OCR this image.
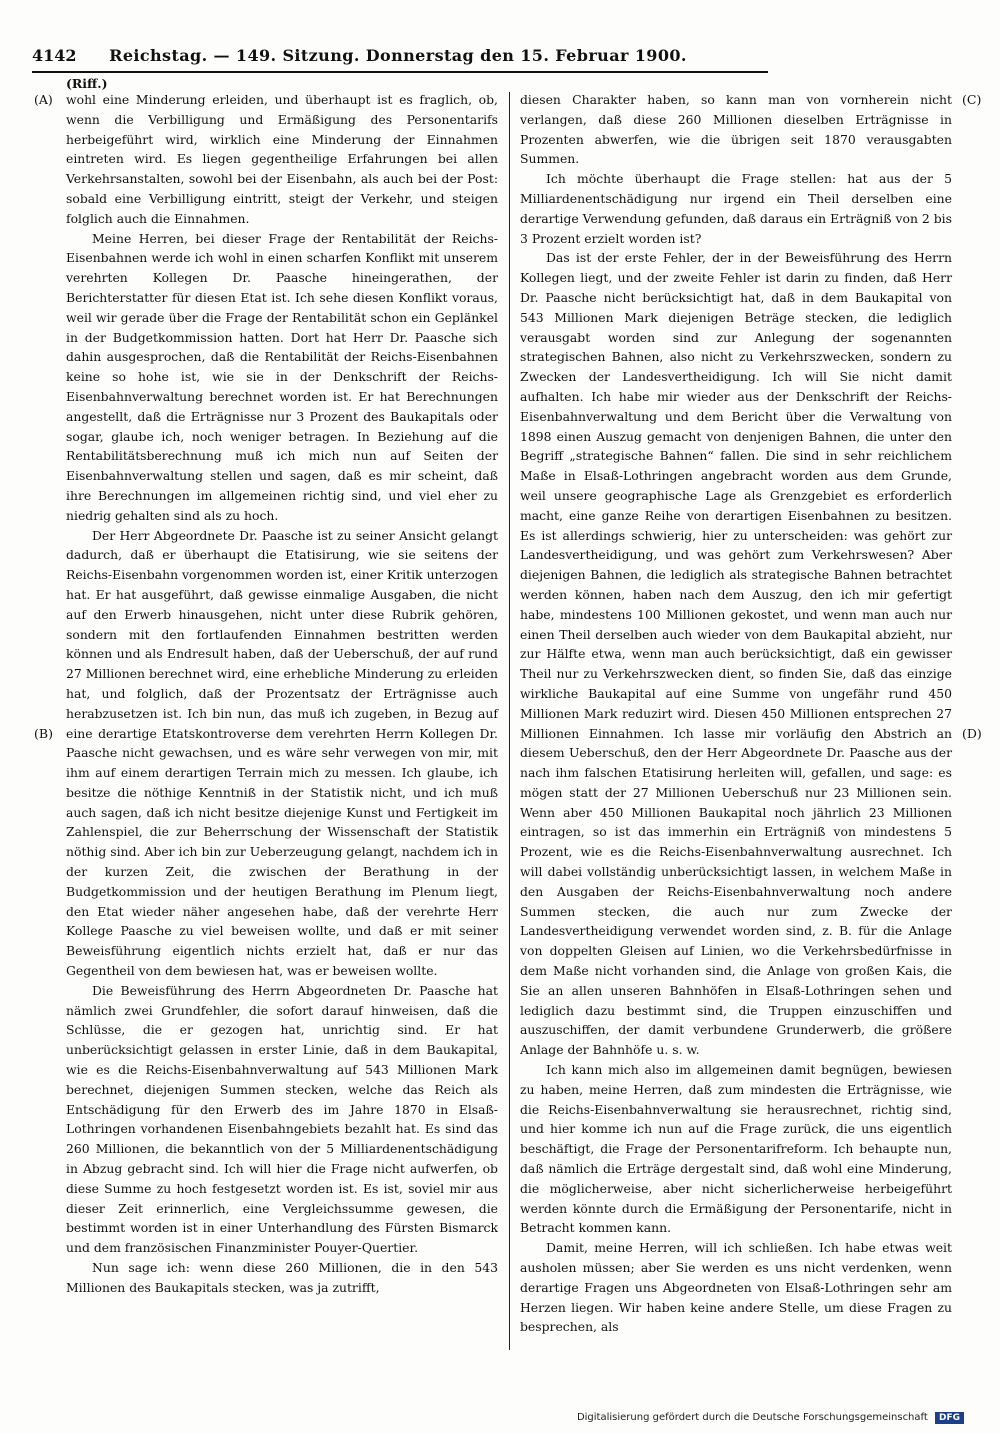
4142	Reichstag. — 149. Sitzung. Donnerstag den 15. Februar 1900.
(Riff.)
(A)
(B)
(C)
(D)

wohl eine Minderung erleiden, und überhaupt ist es fraglich, ob, wenn die Verbilligung und Ermäßigung des Personentarifs herbeigeführt wird, wirklich eine Minderung der Einnahmen eintreten wird. Es liegen gegentheilige Erfahrungen bei allen Verkehrsanstalten, sowohl bei der Eisenbahn, als auch bei der Post: sobald eine Verbilligung eintritt, steigt der Verkehr, und steigen folglich auch die Einnahmen.

Meine Herren, bei dieser Frage der Rentabilität der Reichs-Eisenbahnen werde ich wohl in einen scharfen Konflikt mit unserem verehrten Kollegen Dr. Paasche hineingerathen, der Berichterstatter für diesen Etat ist. Ich sehe diesen Konflikt voraus, weil wir gerade über die Frage der Rentabilität schon ein Geplänkel in der Budgetkommission hatten. Dort hat Herr Dr. Paasche sich dahin ausgesprochen, daß die Rentabilität der Reichs-Eisenbahnen keine so hohe ist, wie sie in der Denkschrift der Reichs-Eisenbahnverwaltung berechnet worden ist. Er hat Berechnungen angestellt, daß die Erträgnisse nur 3 Prozent des Baukapitals oder sogar, glaube ich, noch weniger betragen. In Beziehung auf die Rentabilitätsberechnung muß ich mich nun auf Seiten der Eisenbahnverwaltung stellen und sagen, daß es mir scheint, daß ihre Berechnungen im allgemeinen richtig sind, und viel eher zu niedrig gehalten sind als zu hoch.

Der Herr Abgeordnete Dr. Paasche ist zu seiner Ansicht gelangt dadurch, daß er überhaupt die Etatisirung, wie sie seitens der Reichs-Eisenbahn vorgenommen worden ist, einer Kritik unterzogen hat. Er hat ausgeführt, daß gewisse einmalige Ausgaben, die nicht auf den Erwerb hinausgehen, nicht unter diese Rubrik gehören, sondern mit den fortlaufenden Einnahmen bestritten werden können und als Endresult haben, daß der Ueberschuß, der auf rund 27 Millionen berechnet wird, eine erhebliche Minderung zu erleiden hat, und folglich, daß der Prozentsatz der Erträgnisse auch herabzusetzen ist. Ich bin nun, das muß ich zugeben, in Bezug auf eine derartige Etatskontroverse dem verehrten Herrn Kollegen Dr. Paasche nicht gewachsen, und es wäre sehr verwegen von mir, mit ihm auf einem derartigen Terrain mich zu messen. Ich glaube, ich besitze die nöthige Kenntniß in der Statistik nicht, und ich muß auch sagen, daß ich nicht besitze diejenige Kunst und Fertigkeit im Zahlenspiel, die zur Beherrschung der Wissenschaft der Statistik nöthig sind. Aber ich bin zur Ueberzeugung gelangt, nachdem ich in der kurzen Zeit, die zwischen der Berathung in der Budgetkommission und der heutigen Berathung im Plenum liegt, den Etat wieder näher angesehen habe, daß der verehrte Herr Kollege Paasche zu viel beweisen wollte, und daß er mit seiner Beweisführung eigentlich nichts erzielt hat, daß er nur das Gegentheil von dem bewiesen hat, was er beweisen wollte.

Die Beweisführung des Herrn Abgeordneten Dr. Paasche hat nämlich zwei Grundfehler, die sofort darauf hinweisen, daß die Schlüsse, die er gezogen hat, unrichtig sind. Er hat unberücksichtigt gelassen in erster Linie, daß in dem Baukapital, wie es die Reichs-Eisenbahnverwaltung auf 543 Millionen Mark berechnet, diejenigen Summen stecken, welche das Reich als Entschädigung für den Erwerb des im Jahre 1870 in Elsaß-Lothringen vorhandenen Eisenbahngebiets bezahlt hat. Es sind das 260 Millionen, die bekanntlich von der 5 Milliardenentschädigung in Abzug gebracht sind. Ich will hier die Frage nicht aufwerfen, ob diese Summe zu hoch festgesetzt worden ist. Es ist, soviel mir aus dieser Zeit erinnerlich, eine Vergleichssumme gewesen, die bestimmt worden ist in einer Unterhandlung des Fürsten Bismarck und dem französischen Finanzminister Pouyer-Quertier.

Nun sage ich: wenn diese 260 Millionen, die in den 543 Millionen des Baukapitals stecken, was ja zutrifft,

diesen Charakter haben, so kann man von vornherein nicht verlangen, daß diese 260 Millionen dieselben Erträgnisse in Prozenten abwerfen, wie die übrigen seit 1870 verausgabten Summen.

Ich möchte überhaupt die Frage stellen: hat aus der 5 Milliardenentschädigung nur irgend ein Theil derselben eine derartige Verwendung gefunden, daß daraus ein Erträgniß von 2 bis 3 Prozent erzielt worden ist?

Das ist der erste Fehler, der in der Beweisführung des Herrn Kollegen liegt, und der zweite Fehler ist darin zu finden, daß Herr Dr. Paasche nicht berücksichtigt hat, daß in dem Baukapital von 543 Millionen Mark diejenigen Beträge stecken, die lediglich verausgabt worden sind zur Anlegung der sogenannten strategischen Bahnen, also nicht zu Verkehrszwecken, sondern zu Zwecken der Landesvertheidigung. Ich will Sie nicht damit aufhalten. Ich habe mir wieder aus der Denkschrift der Reichs-Eisenbahnverwaltung und dem Bericht über die Verwaltung von 1898 einen Auszug gemacht von denjenigen Bahnen, die unter den Begriff „strategische Bahnen“ fallen. Die sind in sehr reichlichem Maße in Elsaß-Lothringen angebracht worden aus dem Grunde, weil unsere geographische Lage als Grenzgebiet es erforderlich macht, eine ganze Reihe von derartigen Eisenbahnen zu besitzen. Es ist allerdings schwierig, hier zu unterscheiden: was gehört zur Landesvertheidigung, und was gehört zum Verkehrswesen? Aber diejenigen Bahnen, die lediglich als strategische Bahnen betrachtet werden können, haben nach dem Auszug, den ich mir gefertigt habe, mindestens 100 Millionen gekostet, und wenn man auch nur einen Theil derselben auch wieder von dem Baukapital abzieht, nur zur Hälfte etwa, wenn man auch berücksichtigt, daß ein gewisser Theil nur zu Verkehrszwecken dient, so finden Sie, daß das einzige wirkliche Baukapital auf eine Summe von ungefähr rund 450 Millionen Mark reduzirt wird. Diesen 450 Millionen entsprechen 27 Millionen Einnahmen. Ich lasse mir vorläufig den Abstrich an diesem Ueberschuß, den der Herr Abgeordnete Dr. Paasche aus der nach ihm falschen Etatisirung herleiten will, gefallen, und sage: es mögen statt der 27 Millionen Ueberschuß nur 23 Millionen sein. Wenn aber 450 Millionen Baukapital noch jährlich 23 Millionen eintragen, so ist das immerhin ein Erträgniß von mindestens 5 Prozent, wie es die Reichs-Eisenbahnverwaltung ausrechnet. Ich will dabei vollständig unberücksichtigt lassen, in welchem Maße in den Ausgaben der Reichs-Eisenbahnverwaltung noch andere Summen stecken, die auch nur zum Zwecke der Landesvertheidigung verwendet worden sind, z. B. für die Anlage von doppelten Gleisen auf Linien, wo die Verkehrsbedürfnisse in dem Maße nicht vorhanden sind, die Anlage von großen Kais, die Sie an allen unseren Bahnhöfen in Elsaß-Lothringen sehen und lediglich dazu bestimmt sind, die Truppen einzuschiffen und auszuschiffen, der damit verbundene Grunderwerb, die größere Anlage der Bahnhöfe u. s. w.

Ich kann mich also im allgemeinen damit begnügen, bewiesen zu haben, meine Herren, daß zum mindesten die Erträgnisse, wie die Reichs-Eisenbahnverwaltung sie herausrechnet, richtig sind, und hier komme ich nun auf die Frage zurück, die uns eigentlich beschäftigt, die Frage der Personentarifreform. Ich behaupte nun, daß nämlich die Erträge dergestalt sind, daß wohl eine Minderung, die möglicherweise, aber nicht sicherlicherweise herbeigeführt werden könnte durch die Ermäßigung der Personentarife, nicht in Betracht kommen kann.

Damit, meine Herren, will ich schließen. Ich habe etwas weit ausholen müssen; aber Sie werden es uns nicht verdenken, wenn derartige Fragen uns Abgeordneten von Elsaß-Lothringen sehr am Herzen liegen. Wir haben keine andere Stelle, um diese Fragen zu besprechen, als

Digitalisierung gefördert durch die Deutsche Forschungsgemeinschaft DFG
